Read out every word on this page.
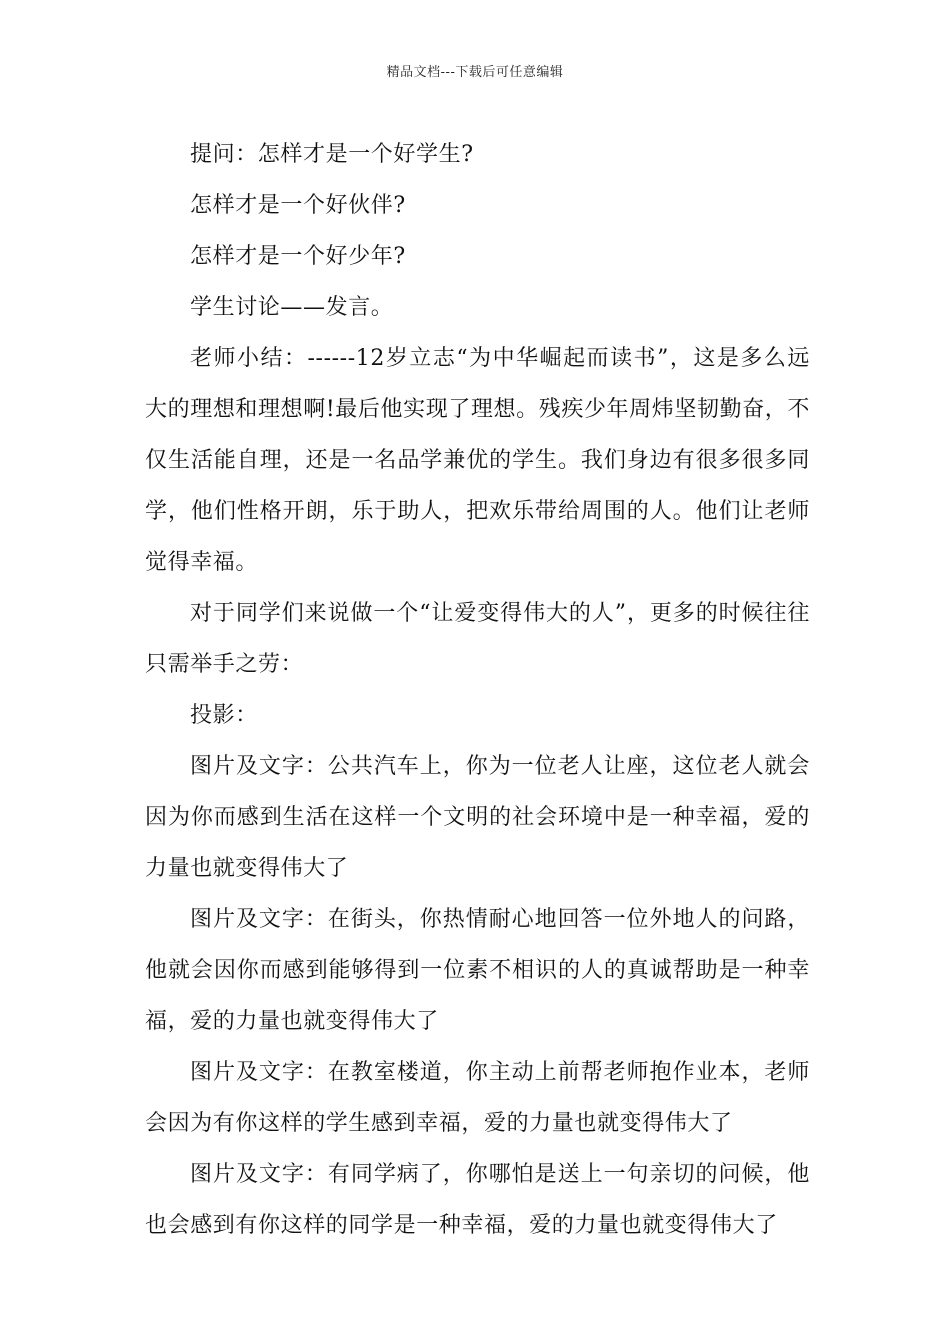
精品文档---下载后可任意编辑

提问：怎样才是一个好学生?

怎样才是一个好伙伴?

怎样才是一个好少年?

学生讨论——发言。

老师小结：------12岁立志“为中华崛起而读书”，这是多么远大的理想和理想啊!最后他实现了理想。残疾少年周炜坚韧勤奋，不仅生活能自理，还是一名品学兼优的学生。我们身边有很多很多同学，他们性格开朗，乐于助人，把欢乐带给周围的人。他们让老师觉得幸福。

对于同学们来说做一个“让爱变得伟大的人”，更多的时候往往只需举手之劳：

投影：

图片及文字：公共汽车上，你为一位老人让座，这位老人就会因为你而感到生活在这样一个文明的社会环境中是一种幸福，爱的力量也就变得伟大了

图片及文字：在街头，你热情耐心地回答一位外地人的问路，他就会因你而感到能够得到一位素不相识的人的真诚帮助是一种幸福，爱的力量也就变得伟大了

图片及文字：在教室楼道，你主动上前帮老师抱作业本，老师会因为有你这样的学生感到幸福，爱的力量也就变得伟大了

图片及文字：有同学病了，你哪怕是送上一句亲切的问候，他也会感到有你这样的同学是一种幸福，爱的力量也就变得伟大了
